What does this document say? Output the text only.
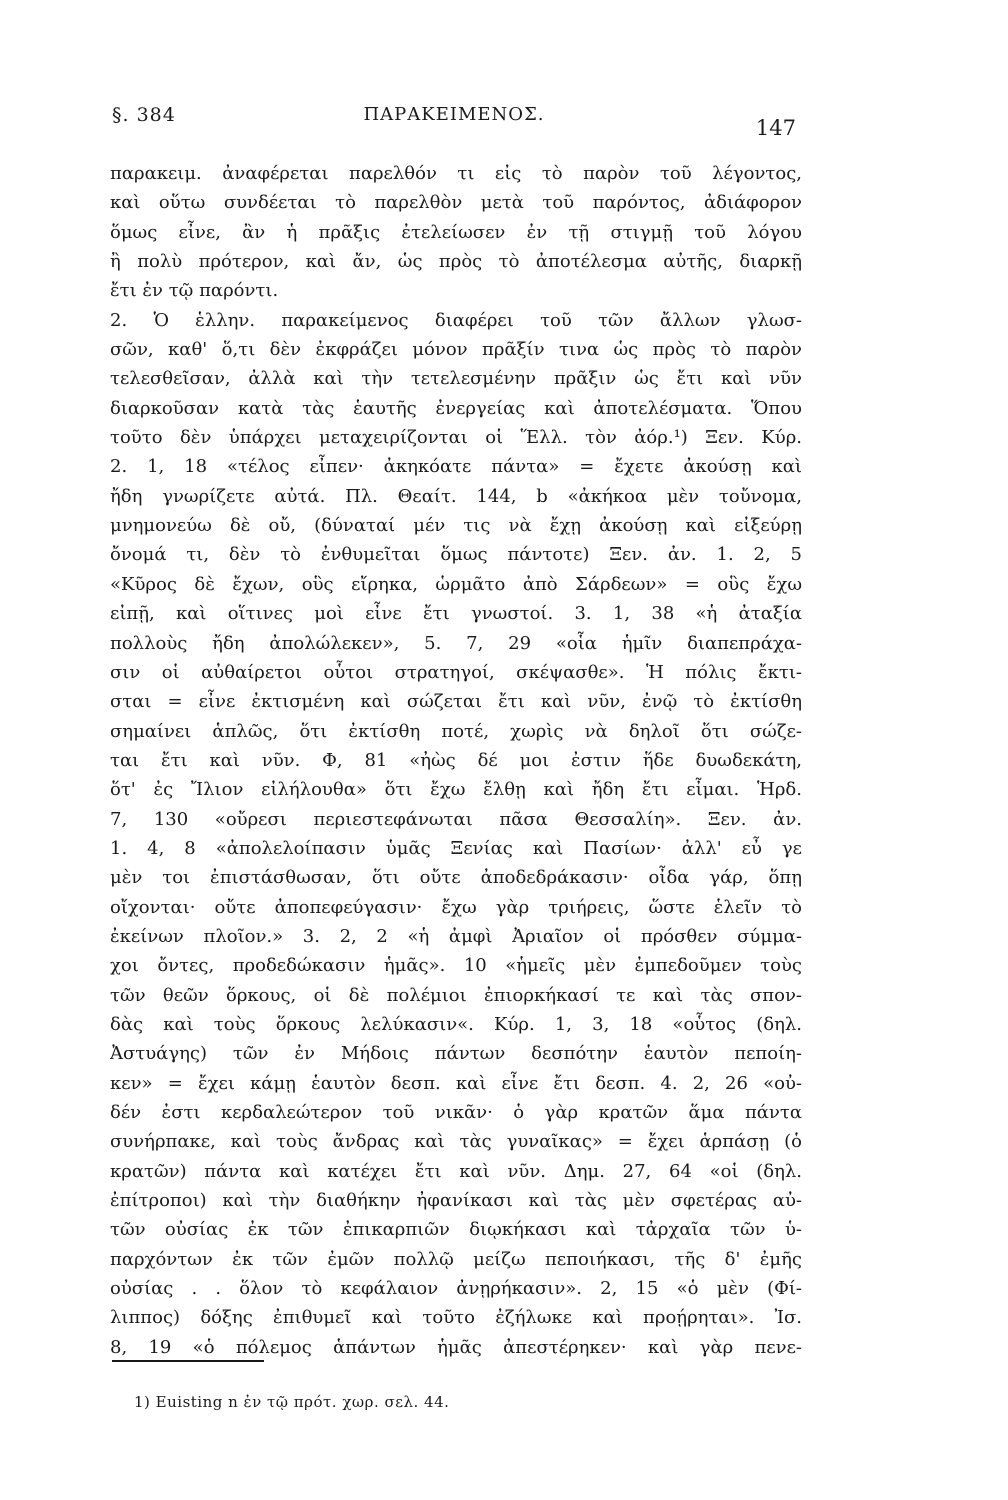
§. 384	ΠΑΡΑΚΕΙΜΕΝΟΣ.
147
παρακειμ. ἀναφέρεται παρελθόν τι εἰς τὸ παρὸν τοῦ λέγοντος,
καὶ οὕτω συνδέεται τὸ παρελθὸν μετὰ τοῦ παρόντος, ἀδιάφορον
ὅμως εἶνε, ἂν ἡ πρᾶξις ἐτελείωσεν ἐν τῇ στιγμῇ τοῦ λόγου
ἢ πολὺ πρότερον, καὶ ἄν, ὡς πρὸς τὸ ἀποτέλεσμα αὐτῆς, διαρκῇ
ἔτι ἐν τῷ παρόντι.
2. Ὁ ἑλλην. παρακείμενος διαφέρει τοῦ τῶν ἄλλων γλωσ-
σῶν, καθ' ὅ,τι δὲν ἐκφράζει μόνον πρᾶξίν τινα ὡς πρὸς τὸ παρὸν
τελεσθεῖσαν, ἀλλὰ καὶ τὴν τετελεσμένην πρᾶξιν ὡς ἔτι καὶ νῦν
διαρκοῦσαν κατὰ τὰς ἑαυτῆς ἐνεργείας καὶ ἀποτελέσματα. Ὅπου
τοῦτο δὲν ὑπάρχει μεταχειρίζονται οἱ Ἕλλ. τὸν ἀόρ.¹) Ξεν. Κύρ.
2. 1, 18 «τέλος εἶπεν· ἀκηκόατε πάντα» = ἔχετε ἀκούσῃ καὶ
ἤδη γνωρίζετε αὐτά. Πλ. Θεαίτ. 144, b «ἀκήκοα μὲν τοὔνομα,
μνημονεύω δὲ οὔ, (δύναταί μέν τις νὰ ἔχῃ ἀκούσῃ καὶ εἰξεύρῃ
ὄνομά τι, δὲν τὸ ἐνθυμεῖται ὅμως πάντοτε) Ξεν. ἀν. 1. 2, 5
«Κῦρος δὲ ἔχων, οὓς εἴρηκα, ὡρμᾶτο ἀπὸ Σάρδεων» = οὓς ἔχω
εἰπῇ, καὶ οἵτινες μοὶ εἶνε ἔτι γνωστοί. 3. 1, 38 «ἡ ἀταξία
πολλοὺς ἤδη ἀπολώλεκεν», 5. 7, 29 «οἷα ἡμῖν διαπεπράχα-
σιν οἱ αὐθαίρετοι οὗτοι στρατηγοί, σκέψασθε». Ἡ πόλις ἔκτι-
σται = εἶνε ἐκτισμένη καὶ σώζεται ἔτι καὶ νῦν, ἐνῷ τὸ ἐκτίσθη
σημαίνει ἁπλῶς, ὅτι ἐκτίσθη ποτέ, χωρὶς νὰ δηλοῖ ὅτι σώζε-
ται ἔτι καὶ νῦν. Φ, 81 «ἠὼς δέ μοι ἐστιν ἥδε δυωδεκάτη,
ὅτ' ἐς Ἴλιον εἰλήλουθα» ὅτι ἔχω ἔλθῃ καὶ ἤδη ἔτι εἶμαι. Ἡρδ.
7, 130 «οὔρεσι περιεστεφάνωται πᾶσα Θεσσαλίη». Ξεν. ἀν.
1. 4, 8 «ἀπολελοίπασιν ὑμᾶς Ξενίας καὶ Πασίων· ἀλλ' εὖ γε
μὲν τοι ἐπιστάσθωσαν, ὅτι οὔτε ἀποδεδράκασιν· οἶδα γάρ, ὅπῃ
οἴχονται· οὔτε ἀποπεφεύγασιν· ἔχω γὰρ τριήρεις, ὥστε ἑλεῖν τὸ
ἐκείνων πλοῖον.» 3. 2, 2 «ἡ ἀμφὶ Ἀριαῖον οἱ πρόσθεν σύμμα-
χοι ὄντες, προδεδώκασιν ἡμᾶς». 10 «ἡμεῖς μὲν ἐμπεδοῦμεν τοὺς
τῶν θεῶν ὅρκους, οἱ δὲ πολέμιοι ἐπιορκήκασί τε καὶ τὰς σπον-
δὰς καὶ τοὺς ὅρκους λελύκασιν«. Κύρ. 1, 3, 18 «οὗτος (δηλ.
Ἀστυάγης) τῶν ἐν Μήδοις πάντων δεσπότην ἑαυτὸν πεποίη-
κεν» = ἔχει κάμῃ ἑαυτὸν δεσπ. καὶ εἶνε ἔτι δεσπ. 4. 2, 26 «οὐ-
δέν ἐστι κερδαλεώτερον τοῦ νικᾶν· ὁ γὰρ κρατῶν ἅμα πάντα
συνήρπακε, καὶ τοὺς ἄνδρας καὶ τὰς γυναῖκας» = ἔχει ἁρπάσῃ (ὁ
κρατῶν) πάντα καὶ κατέχει ἔτι καὶ νῦν. Δημ. 27, 64 «οἱ (δηλ.
ἐπίτροποι) καὶ τὴν διαθήκην ἠφανίκασι καὶ τὰς μὲν σφετέρας αὐ-
τῶν οὐσίας ἐκ τῶν ἐπικαρπιῶν διῳκήκασι καὶ τἀρχαῖα τῶν ὑ-
παρχόντων ἐκ τῶν ἐμῶν πολλῷ μείζω πεποιήκασι, τῆς δ' ἐμῆς
οὐσίας . . ὅλον τὸ κεφάλαιον ἀνῃρήκασιν». 2, 15 «ὁ μὲν (Φί-
λιππος) δόξης ἐπιθυμεῖ καὶ τοῦτο ἐζήλωκε καὶ προῄρηται». Ἰσ.
8, 19 «ὁ πόλεμος ἁπάντων ἡμᾶς ἀπεστέρηκεν· καὶ γὰρ πενε-
1) Euisting n ἐν τῷ πρότ. χωρ. σελ. 44.
